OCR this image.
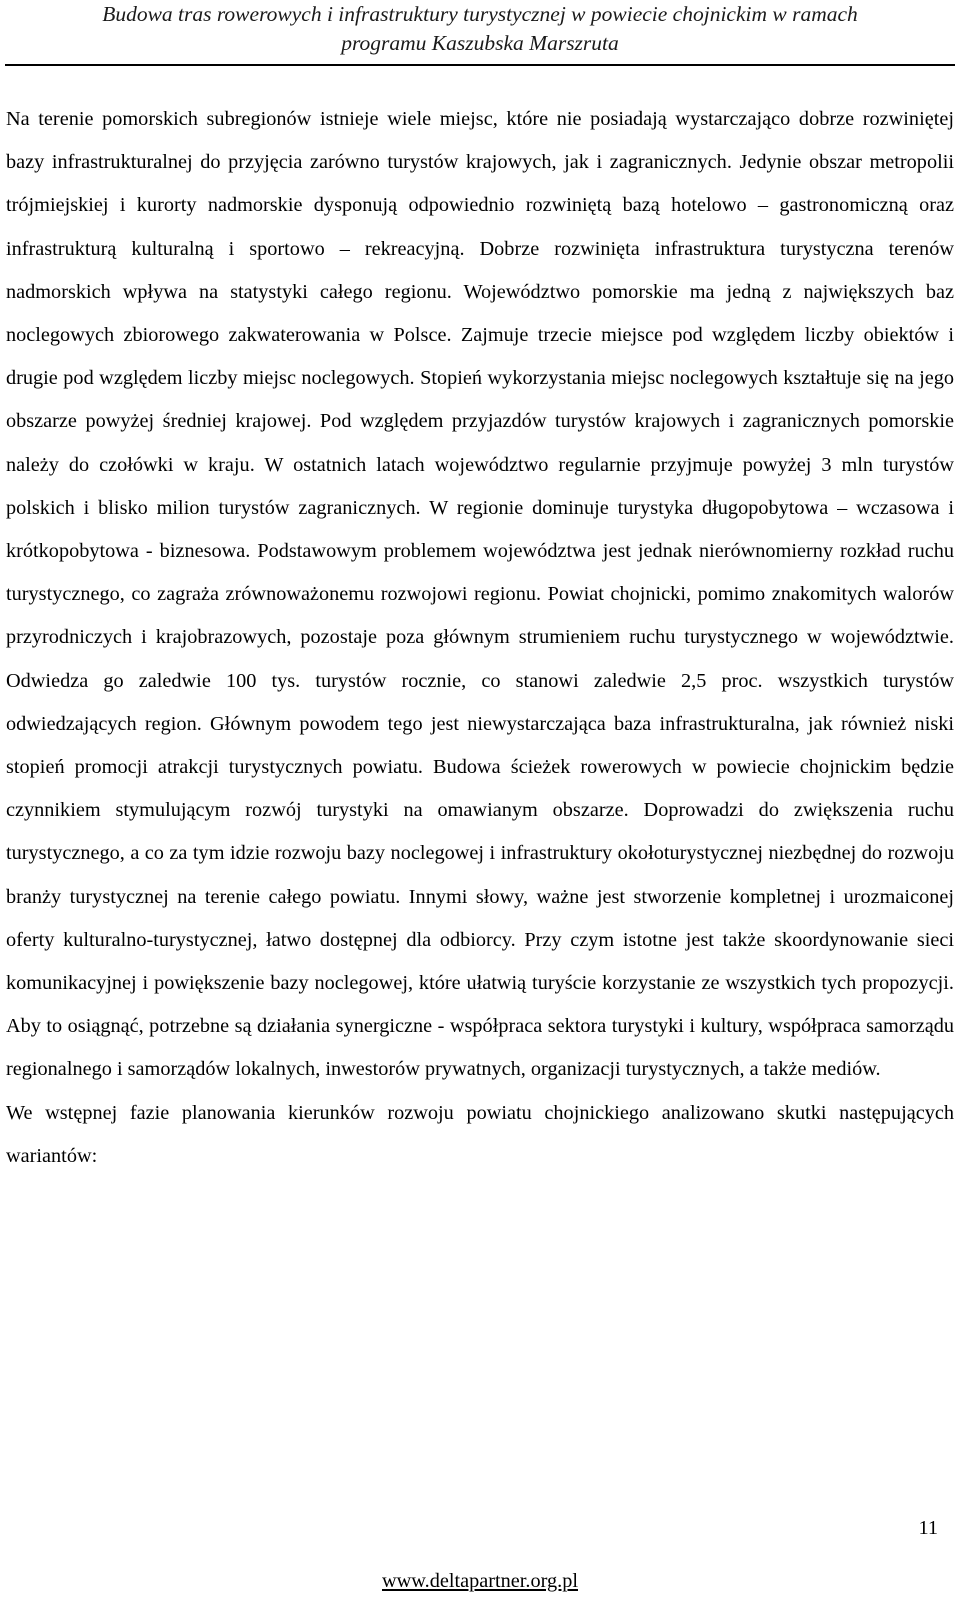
Budowa tras rowerowych i infrastruktury turystycznej w powiecie chojnickim w ramach
programu Kaszubska Marszruta

Na terenie pomorskich subregionów istnieje wiele miejsc, które nie posiadają wystarczająco dobrze rozwiniętej bazy infrastrukturalnej do przyjęcia zarówno turystów krajowych, jak i zagranicznych. Jedynie obszar metropolii trójmiejskiej i kurorty nadmorskie dysponują odpowiednio rozwiniętą bazą hotelowo – gastronomiczną oraz infrastrukturą kulturalną i sportowo – rekreacyjną. Dobrze rozwinięta infrastruktura turystyczna terenów nadmorskich wpływa na statystyki całego regionu. Województwo pomorskie ma jedną z największych baz noclegowych zbiorowego zakwaterowania w Polsce. Zajmuje trzecie miejsce pod względem liczby obiektów i drugie pod względem liczby miejsc noclegowych. Stopień wykorzystania miejsc noclegowych kształtuje się na jego obszarze powyżej średniej krajowej. Pod względem przyjazdów turystów krajowych i zagranicznych pomorskie należy do czołówki w kraju. W ostatnich latach województwo regularnie przyjmuje powyżej 3 mln turystów polskich i blisko milion turystów zagranicznych. W regionie dominuje turystyka długopobytowa – wczasowa i krótkopobytowa - biznesowa. Podstawowym problemem województwa jest jednak nierównomierny rozkład ruchu turystycznego, co zagraża zrównoważonemu rozwojowi regionu. Powiat chojnicki, pomimo znakomitych walorów przyrodniczych i krajobrazowych, pozostaje poza głównym strumieniem ruchu turystycznego w województwie. Odwiedza go zaledwie 100 tys. turystów rocznie, co stanowi zaledwie 2,5 proc. wszystkich turystów odwiedzających region. Głównym powodem tego jest niewystarczająca baza infrastrukturalna, jak również niski stopień promocji atrakcji turystycznych powiatu. Budowa ścieżek rowerowych w powiecie chojnickim będzie czynnikiem stymulującym rozwój turystyki na omawianym obszarze. Doprowadzi do zwiększenia ruchu turystycznego, a co za tym idzie rozwoju bazy noclegowej i infrastruktury okołoturystycznej niezbędnej do rozwoju branży turystycznej na terenie całego powiatu. Innymi słowy, ważne jest stworzenie kompletnej i urozmaiconej oferty kulturalno-turystycznej, łatwo dostępnej dla odbiorcy. Przy czym istotne jest także skoordynowanie sieci komunikacyjnej i powiększenie bazy noclegowej, które ułatwią turyście korzystanie ze wszystkich tych propozycji. Aby to osiągnąć, potrzebne są działania synergiczne - współpraca sektora turystyki i kultury, współpraca samorządu regionalnego i samorządów lokalnych, inwestorów prywatnych, organizacji turystycznych, a także mediów.

We wstępnej fazie planowania kierunków rozwoju powiatu chojnickiego analizowano skutki następujących wariantów:

11
www.deltapartner.org.pl
